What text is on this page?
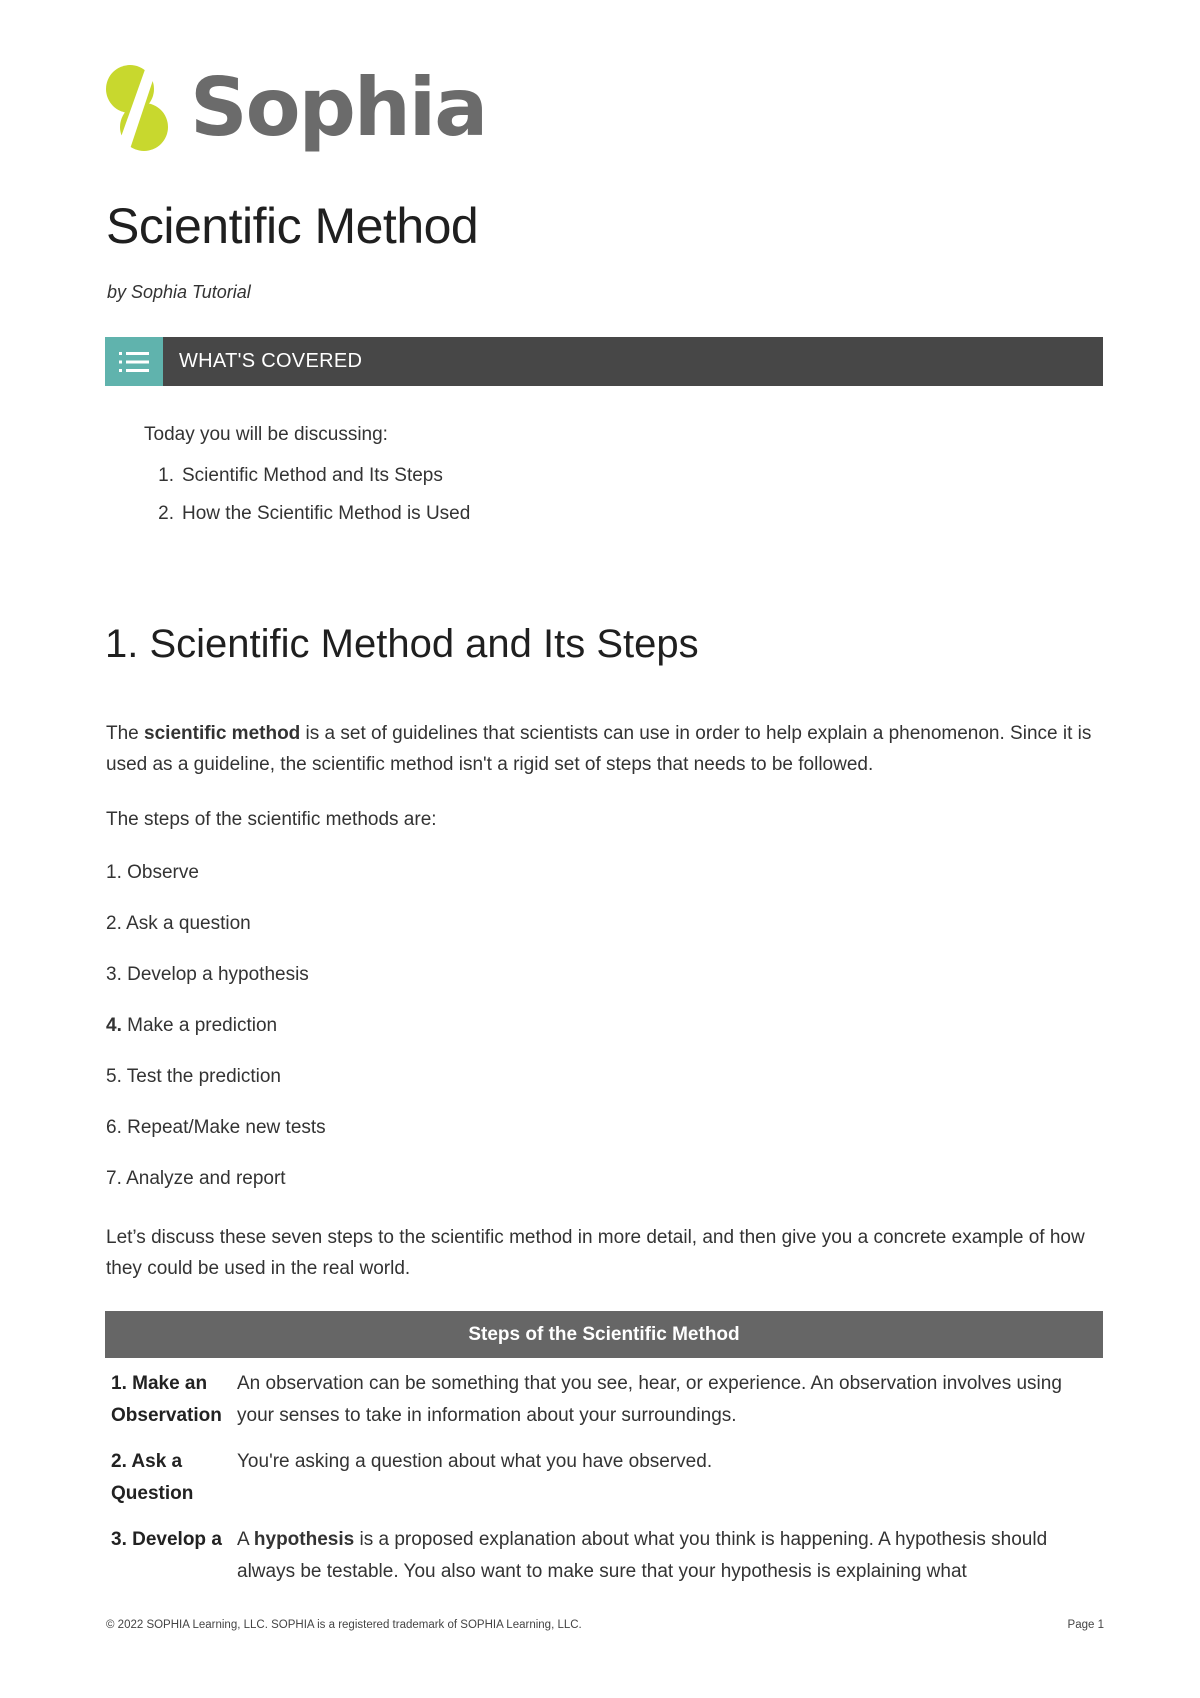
Sophia
Scientific Method
by Sophia Tutorial
WHAT'S COVERED
Today you will be discussing:
1. Scientific Method and Its Steps
2. How the Scientific Method is Used
1. Scientific Method and Its Steps

The scientific method is a set of guidelines that scientists can use in order to help explain a phenomenon. Since it is used as a guideline, the scientific method isn't a rigid set of steps that needs to be followed.

The steps of the scientific methods are:

1. Observe
2. Ask a question
3. Develop a hypothesis
4. Make a prediction
5. Test the prediction
6. Repeat/Make new tests
7. Analyze and report

Let’s discuss these seven steps to the scientific method in more detail, and then give you a concrete example of how they could be used in the real world.

Steps of the Scientific Method
1. Make an Observation
An observation can be something that you see, hear, or experience. An observation involves using your senses to take in information about your surroundings.
2. Ask a Question
You're asking a question about what you have observed.
3. Develop a A hypothesis is a proposed explanation about what you think is happening. A hypothesis should always be testable. You also want to make sure that your hypothesis is explaining what
© 2022 SOPHIA Learning, LLC. SOPHIA is a registered trademark of SOPHIA Learning, LLC.	Page 1
